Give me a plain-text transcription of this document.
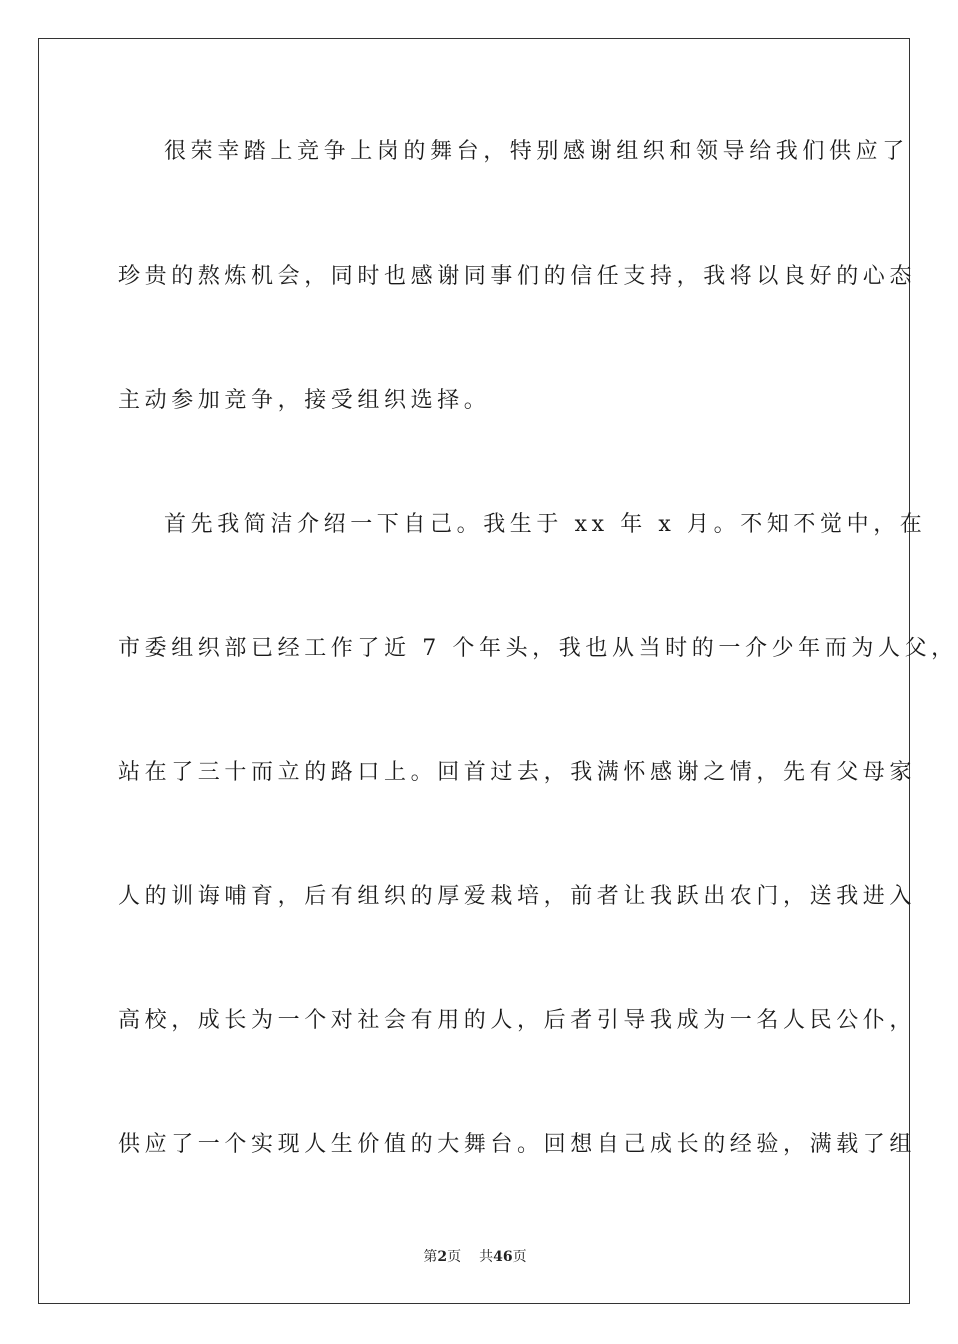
很荣幸踏上竞争上岗的舞台，特别感谢组织和领导给我们供应了
珍贵的熬炼机会，同时也感谢同事们的信任支持，我将以良好的心态
主动参加竞争，接受组织选择。
首先我简洁介绍一下自己。我生于 xx 年 x 月。不知不觉中，在
市委组织部已经工作了近 7 个年头，我也从当时的一介少年而为人父，
站在了三十而立的路口上。回首过去，我满怀感谢之情，先有父母家
人的训诲哺育，后有组织的厚爱栽培，前者让我跃出农门，送我进入
高校，成长为一个对社会有用的人，后者引导我成为一名人民公仆，
供应了一个实现人生价值的大舞台。回想自己成长的经验，满载了组
第2页 共46页
